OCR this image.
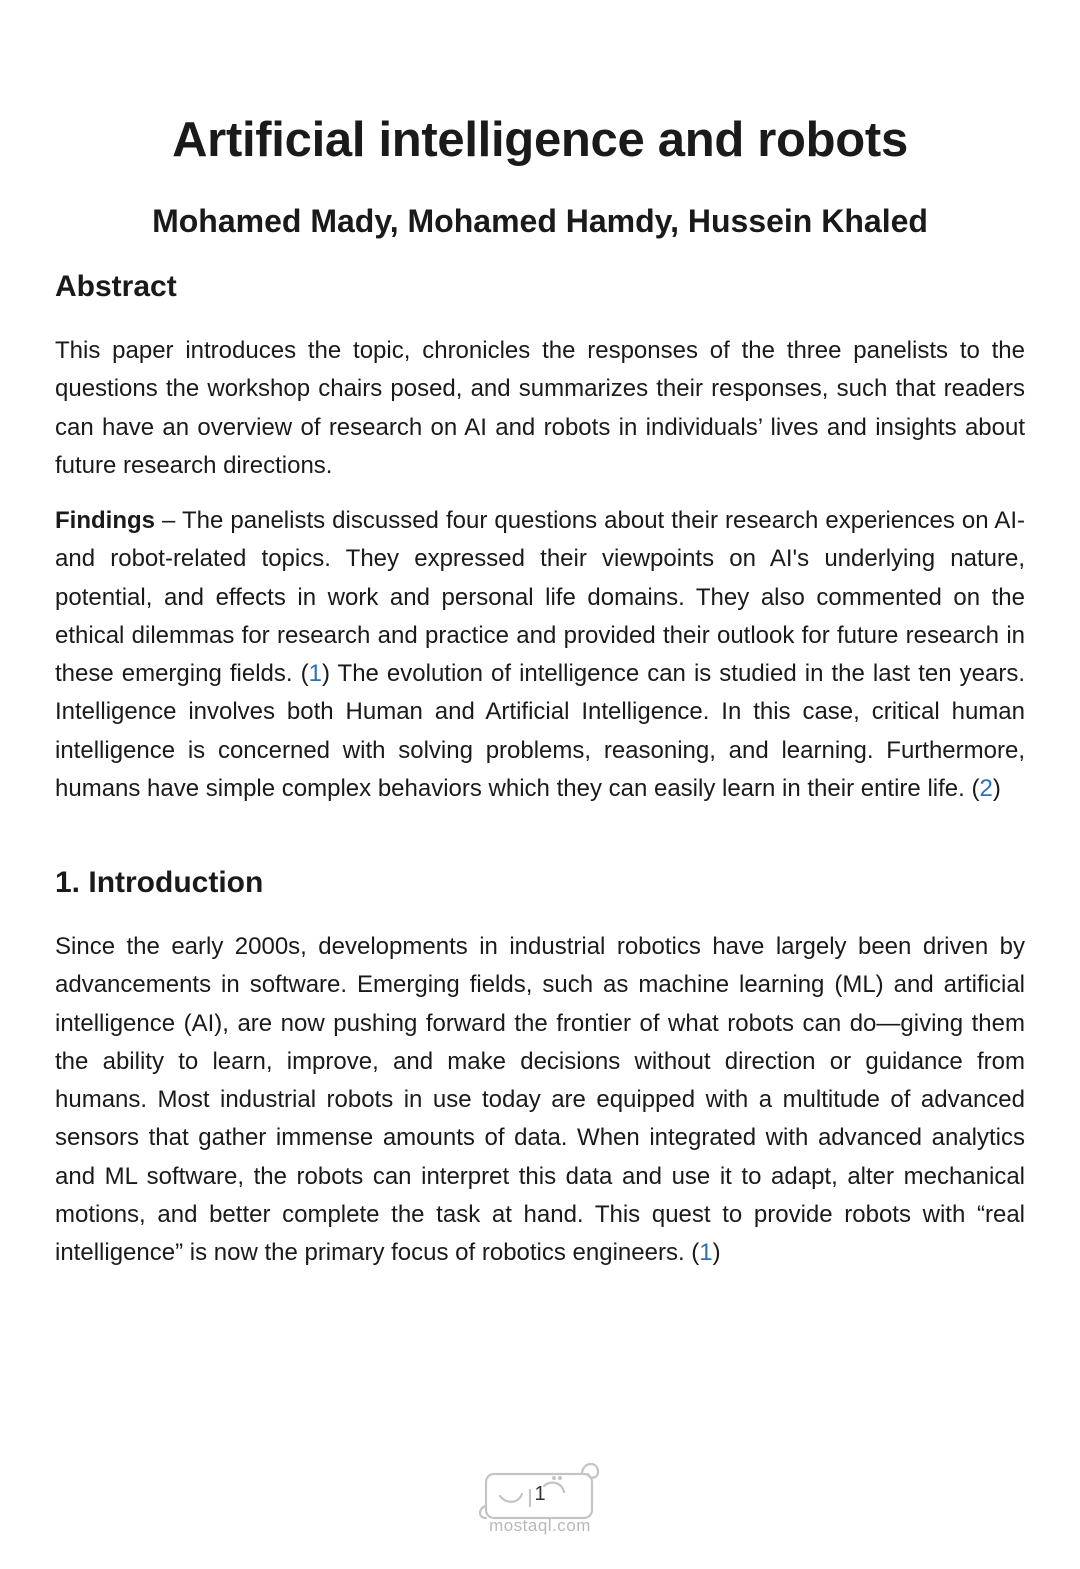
Artificial intelligence and robots
Mohamed Mady, Mohamed Hamdy, Hussein Khaled
Abstract

This paper introduces the topic, chronicles the responses of the three panelists to the questions the workshop chairs posed, and summarizes their responses, such that readers can have an overview of research on AI and robots in individuals’ lives and insights about future research directions.

Findings – The panelists discussed four questions about their research experiences on AI- and robot-related topics. They expressed their viewpoints on AI's underlying nature, potential, and effects in work and personal life domains. They also commented on the ethical dilemmas for research and practice and provided their outlook for future research in these emerging fields. (1) The evolution of intelligence can is studied in the last ten years. Intelligence involves both Human and Artificial Intelligence. In this case, critical human intelligence is concerned with solving problems, reasoning, and learning. Furthermore, humans have simple complex behaviors which they can easily learn in their entire life. (2)

1. Introduction

Since the early 2000s, developments in industrial robotics have largely been driven by advancements in software. Emerging fields, such as machine learning (ML) and artificial intelligence (AI), are now pushing forward the frontier of what robots can do—giving them the ability to learn, improve, and make decisions without direction or guidance from humans. Most industrial robots in use today are equipped with a multitude of advanced sensors that gather immense amounts of data. When integrated with advanced analytics and ML software, the robots can interpret this data and use it to adapt, alter mechanical motions, and better complete the task at hand. This quest to provide robots with “real intelligence” is now the primary focus of robotics engineers. (1)

1

mostaql.com
